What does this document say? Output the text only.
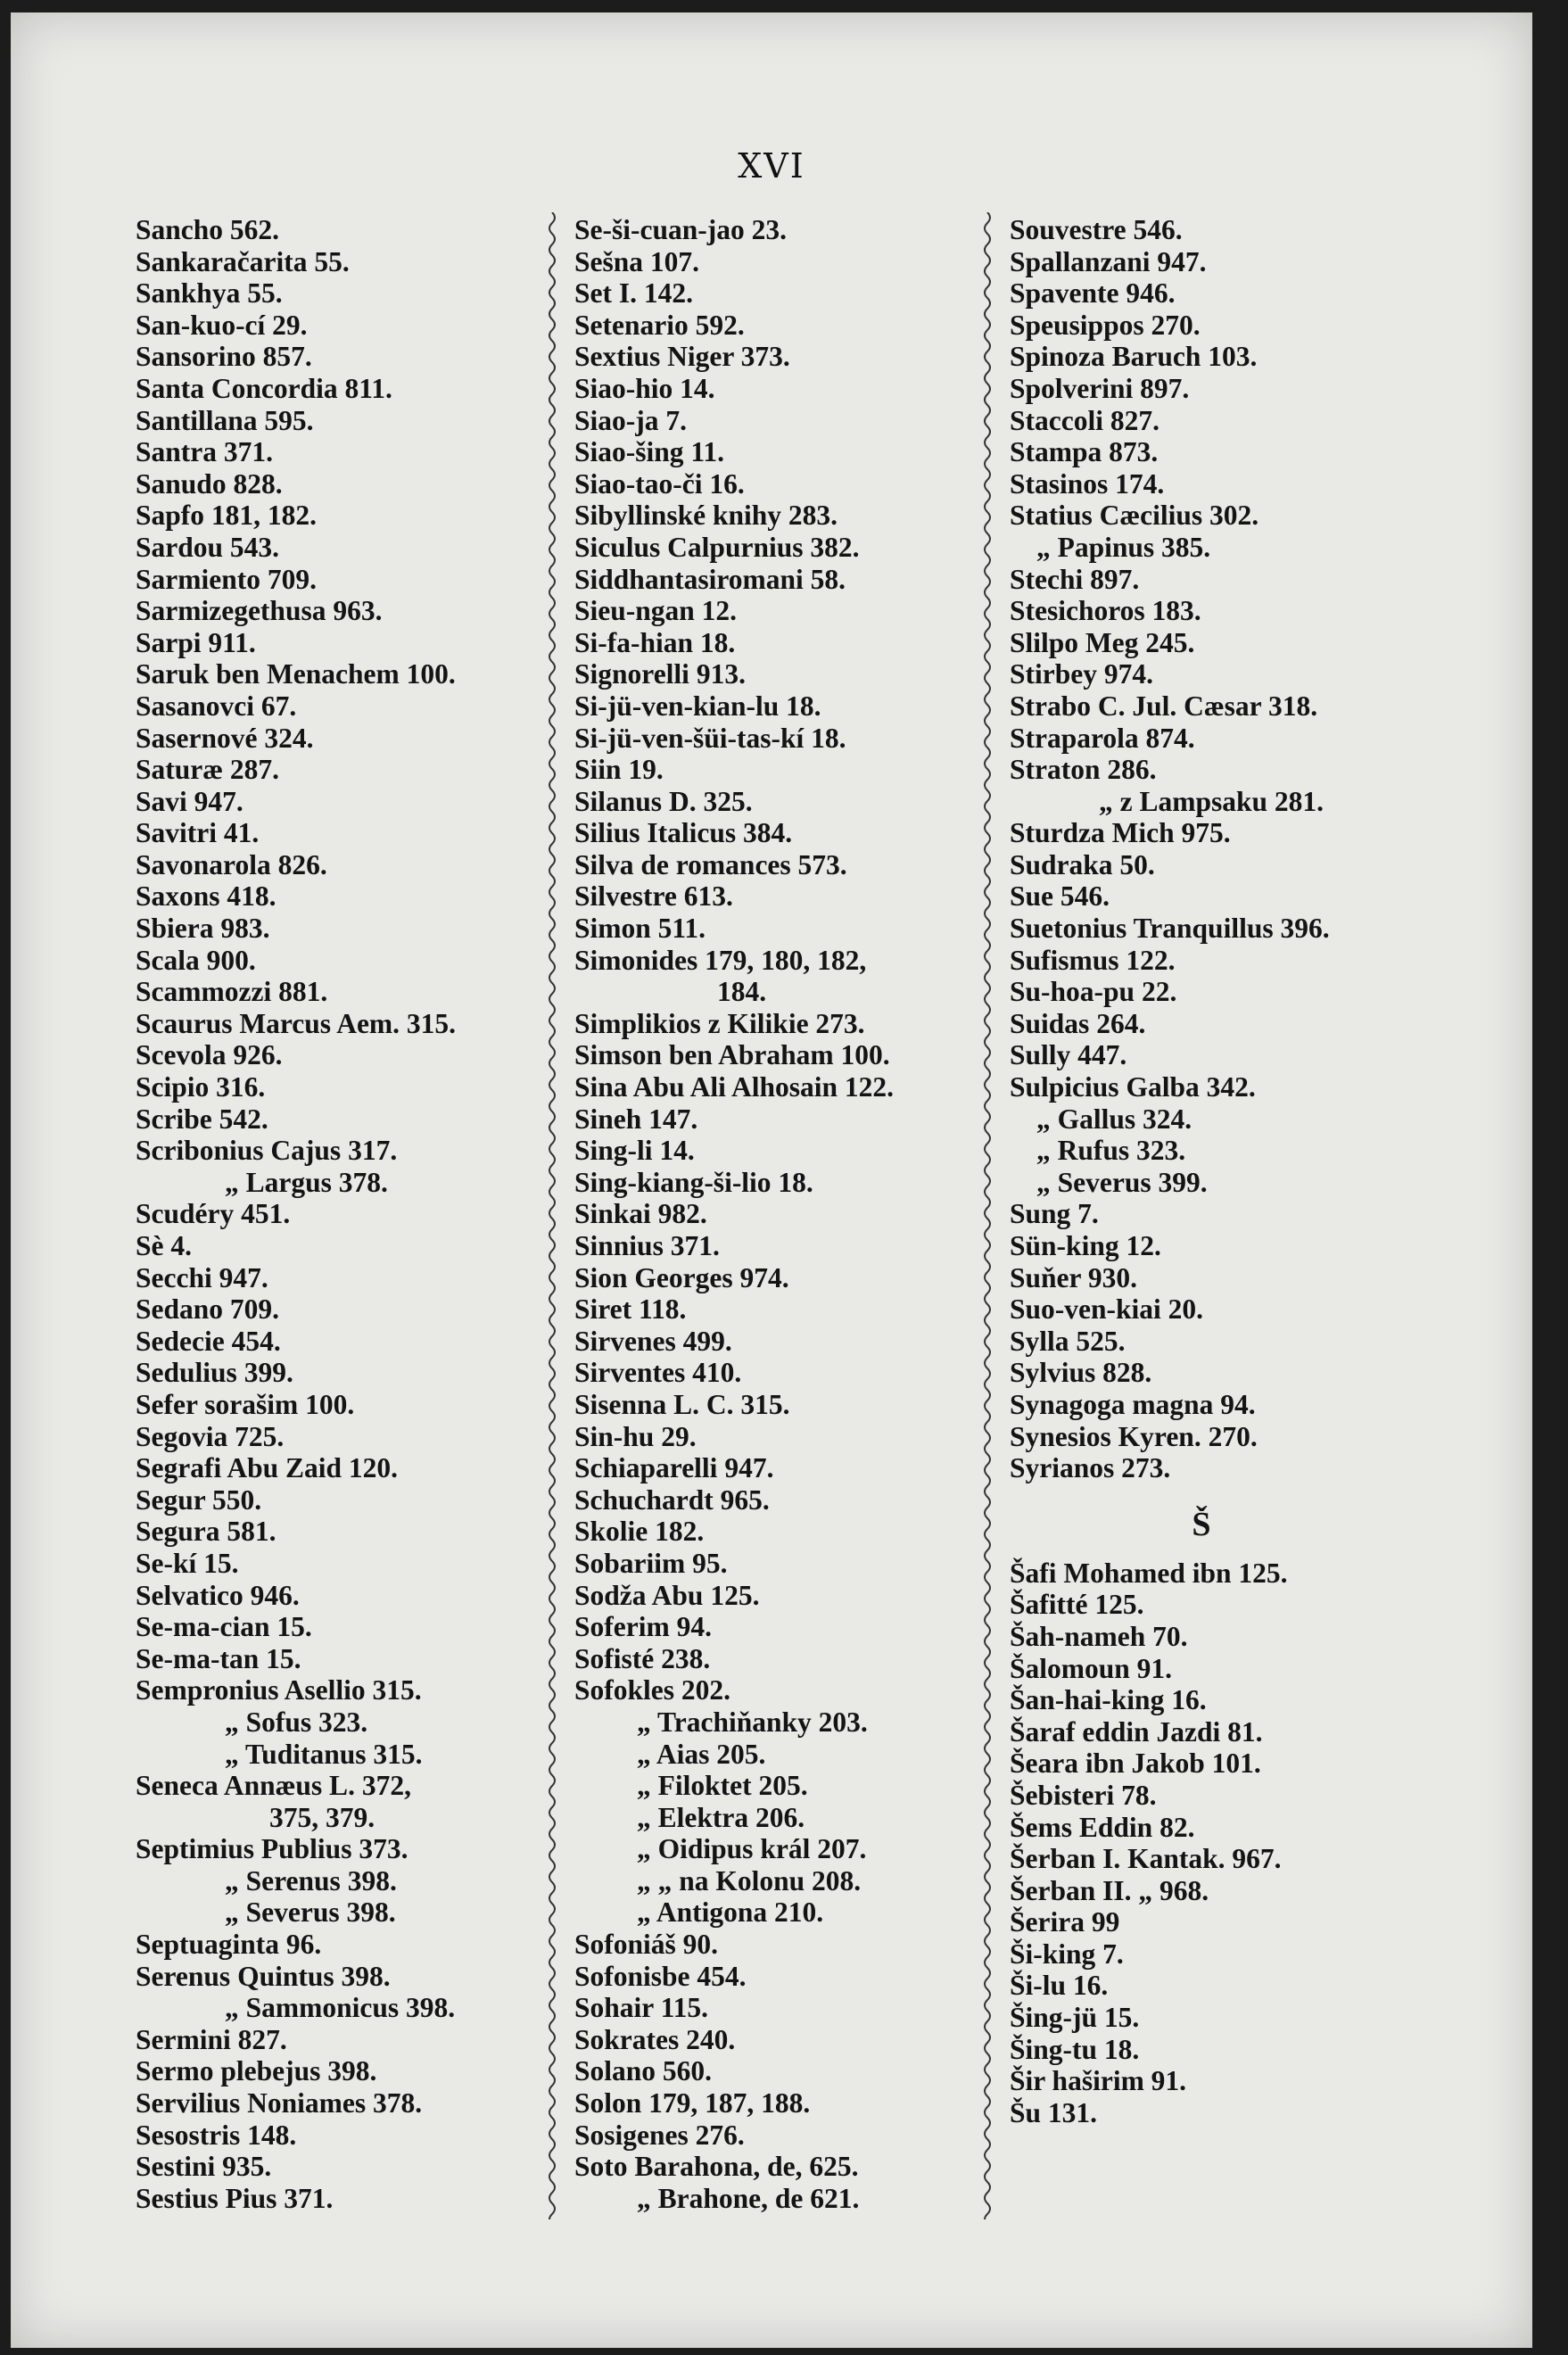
XVI
Sancho 562.
Sankaračarita 55.
Sankhya 55.
San-kuo-cí 29.
Sansorino 857.
Santa Concordia 811.
Santillana 595.
Santra 371.
Sanudo 828.
Sapfo 181, 182.
Sardou 543.
Sarmiento 709.
Sarmizegethusa 963.
Sarpi 911.
Saruk ben Menachem 100.
Sasanovci 67.
Sasernové 324.
Saturæ 287.
Savi 947.
Savitri 41.
Savonarola 826.
Saxons 418.
Sbiera 983.
Scala 900.
Scammozzi 881.
Scaurus Marcus Aem. 315.
Scevola 926.
Scipio 316.
Scribe 542.
Scribonius Cajus 317.
„ Largus 378.
Scudéry 451.
Sè 4.
Secchi 947.
Sedano 709.
Sedecie 454.
Sedulius 399.
Sefer sorašim 100.
Segovia 725.
Segrafi Abu Zaid 120.
Segur 550.
Segura 581.
Se-kí 15.
Selvatico 946.
Se-ma-cian 15.
Se-ma-tan 15.
Sempronius Asellio 315.
„ Sofus 323.
„ Tuditanus 315.
Seneca Annæus L. 372,
375, 379.
Septimius Publius 373.
„ Serenus 398.
„ Severus 398.
Septuaginta 96.
Serenus Quintus 398.
„ Sammonicus 398.
Sermini 827.
Sermo plebejus 398.
Servilius Noniames 378.
Sesostris 148.
Sestini 935.
Sestius Pius 371.
Se-ši-cuan-jao 23.
Sešna 107.
Set I. 142.
Setenario 592.
Sextius Niger 373.
Siao-hio 14.
Siao-ja 7.
Siao-šing 11.
Siao-tao-či 16.
Sibyllinské knihy 283.
Siculus Calpurnius 382.
Siddhantasiromani 58.
Sieu-ngan 12.
Si-fa-hian 18.
Signorelli 913.
Si-jü-ven-kian-lu 18.
Si-jü-ven-šüi-tas-kí 18.
Siin 19.
Silanus D. 325.
Silius Italicus 384.
Silva de romances 573.
Silvestre 613.
Simon 511.
Simonides 179, 180, 182,
184.
Simplikios z Kilikie 273.
Simson ben Abraham 100.
Sina Abu Ali Alhosain 122.
Sineh 147.
Sing-li 14.
Sing-kiang-ši-lio 18.
Sinkai 982.
Sinnius 371.
Sion Georges 974.
Siret 118.
Sirvenes 499.
Sirventes 410.
Sisenna L. C. 315.
Sin-hu 29.
Schiaparelli 947.
Schuchardt 965.
Skolie 182.
Sobariim 95.
Sodža Abu 125.
Soferim 94.
Sofisté 238.
Sofokles 202.
„ Trachiňanky 203.
„ Aias 205.
„ Filoktet 205.
„ Elektra 206.
„ Oidipus král 207.
„ „ na Kolonu 208.
„ Antigona 210.
Sofoniáš 90.
Sofonisbe 454.
Sohair 115.
Sokrates 240.
Solano 560.
Solon 179, 187, 188.
Sosigenes 276.
Soto Barahona, de, 625.
„ Brahone, de 621.
Souvestre 546.
Spallanzani 947.
Spavente 946.
Speusippos 270.
Spinoza Baruch 103.
Spolverini 897.
Staccoli 827.
Stampa 873.
Stasinos 174.
Statius Cæcilius 302.
„ Papinus 385.
Stechi 897.
Stesichoros 183.
Slilpo Meg 245.
Stirbey 974.
Strabo C. Jul. Cæsar 318.
Straparola 874.
Straton 286.
„ z Lampsaku 281.
Sturdza Mich 975.
Sudraka 50.
Sue 546.
Suetonius Tranquillus 396.
Sufismus 122.
Su-hoa-pu 22.
Suidas 264.
Sully 447.
Sulpicius Galba 342.
„ Gallus 324.
„ Rufus 323.
„ Severus 399.
Sung 7.
Sün-king 12.
Suňer 930.
Suo-ven-kiai 20.
Sylla 525.
Sylvius 828.
Synagoga magna 94.
Synesios Kyren. 270.
Syrianos 273.
Š
Šafi Mohamed ibn 125.
Šafitté 125.
Šah-nameh 70.
Šalomoun 91.
Šan-hai-king 16.
Šaraf eddin Jazdi 81.
Šeara ibn Jakob 101.
Šebisteri 78.
Šems Eddin 82.
Šerban I. Kantak. 967.
Šerban II. „ 968.
Šerira 99
Ši-king 7.
Ši-lu 16.
Šing-jü 15.
Šing-tu 18.
Šir haširim 91.
Šu 131.
